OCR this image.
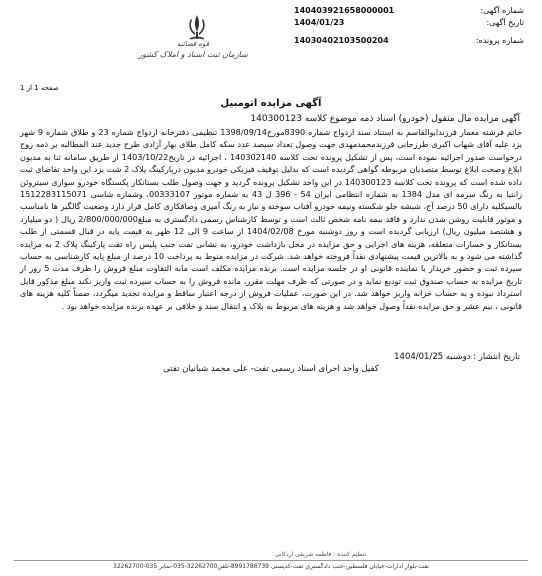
شماره آگهی:
140403921658000001
تاریخ آگهی:
1404/01/23
شماره پرونده:
14030402103500204
قوه قضائیه
سازمان ثبت اسناد و املاک کشور
صفحه 1 از 1
آگهی مزایده اتومبیل
آگهی مزایده مال منقول (خودرو) اسناد ذمه موضوع کلاسه 140300123
خانم فرشته معمار فرزندابوالقاسم به استناد سند ازدواج شماره 8390مورخ1398/09/14 تنظیمی دفترخانه ازدواج شماره 23 و طلاق شماره 9 شهر یزد علیه آقای شهاب اکبری طرزجانی فرزندمحمدمهدی جهت وصول تعداد سیصد عدد سکه کامل طلای بهار آزادی طرح جدید عند المطالبه بر ذمه زوج درخواست صدور اجرائیه نموده است، پس از تشکیل پرونده تحت کلاسه 140302140 ، اجرائیه در تاریخ1403/10/22 از طریق سامانه ثنا به مدیون ابلاغ وصحت ابلاغ توسط متصدیان مربوطه گواهی گردیده است که بدلیل توقیف فیزیکی خودرو مدیون درپارکینگ پلاک 2 شت یزد این واحد تقاضای ثبت داده شده است که پرونده تحت کلاسه 140300123 در این واحد تشکیل پرونده گردید و جهت وصول طلب بستانکار پکستگاه خودرو سواری سیتروئن زانتیا به رنگ سرمه ای مدل 1384 به شماره انتظامی ایران 54 - 396 ل 43 به شماره موتور 00333107، وشماره شاسی 1512283115071 بالسیکلیه دارای 50 درصد آج، شیشه جلو شکسته ونیمه خودرو آفتاب سوخته و نیاز به رنگ آمیزی وصافکاری کامل قرار دارد وضعیت گالگیر ها نامناسب و موتور قابلیت روشن شدن ندارد و فاقد بیمه نامه شخص ثالث است و توسط کارشناس رسمی دادگستری به مبلغ2/800/000/000 ریال ( دو میلیارد و هشتصد میلیون ریال) ارزیابی گردیده است و روز دوشنبه مورخ 1404/02/08 از ساعت 9 الی 12 ظهر به قیمت پایه در قبال قسمتی از طلب بستانکار و خسارات متعلقه، هزینه های اجرایی و حق مزایده در محل بازداشت خودرو، به نشانی تفت جنب پلیس راه تفت پارکینگ پلاک 2 به مزایده گذاشته می شود و به بالاترین قیمت پیشنهادی نقداً فروخته خواهد شد. شرکت در مزایده منوط به پرداخت 10 درصد از مبلغ پایه کارشناسی به حساب سپرده ثبت و حضور خریدار یا نماینده قانونی او در جلسه مزایده است. برنده مزایده مکلف است مابه التفاوت مبلغ فروش را ظرف مدت 5 روز از تاریخ مزایده به حساب صندوق ثبت تودیع نماید و در صورتی که ظرف مهلت مقرر، مانده فروش را به حساب سپرده ثبت واریز نکند مبلغ مذکور قابل استرداد نبوده و به حساب خزانه واریز خواهد شد. در این صورت، عملیات فروش از درجه اعتبار ساقط و مزایده تجدید میگردد، ضمناً کلیه هزینه های قانونی ، نیم عشر و حق مزایده نقداً وصول خواهد شد و هزینه های مربوط به پلاک و انتقال سند و خلافی بر عهده برنده مزایده خواهد بود .
تاریخ انتشار : دوشنبه 1404/01/25
کفیل واحد اجرای اسناد رسمی تفت- علی محمد شبانیان تفتی
تنظیم کننده : فاطمه شریفی اردکانی
تفت-بلوار ادارات-خیابان فلسطین-جنب دادگستری تفت-کدپستی 8991786739-تلفن32262700-035-نمابر 035-32262700
